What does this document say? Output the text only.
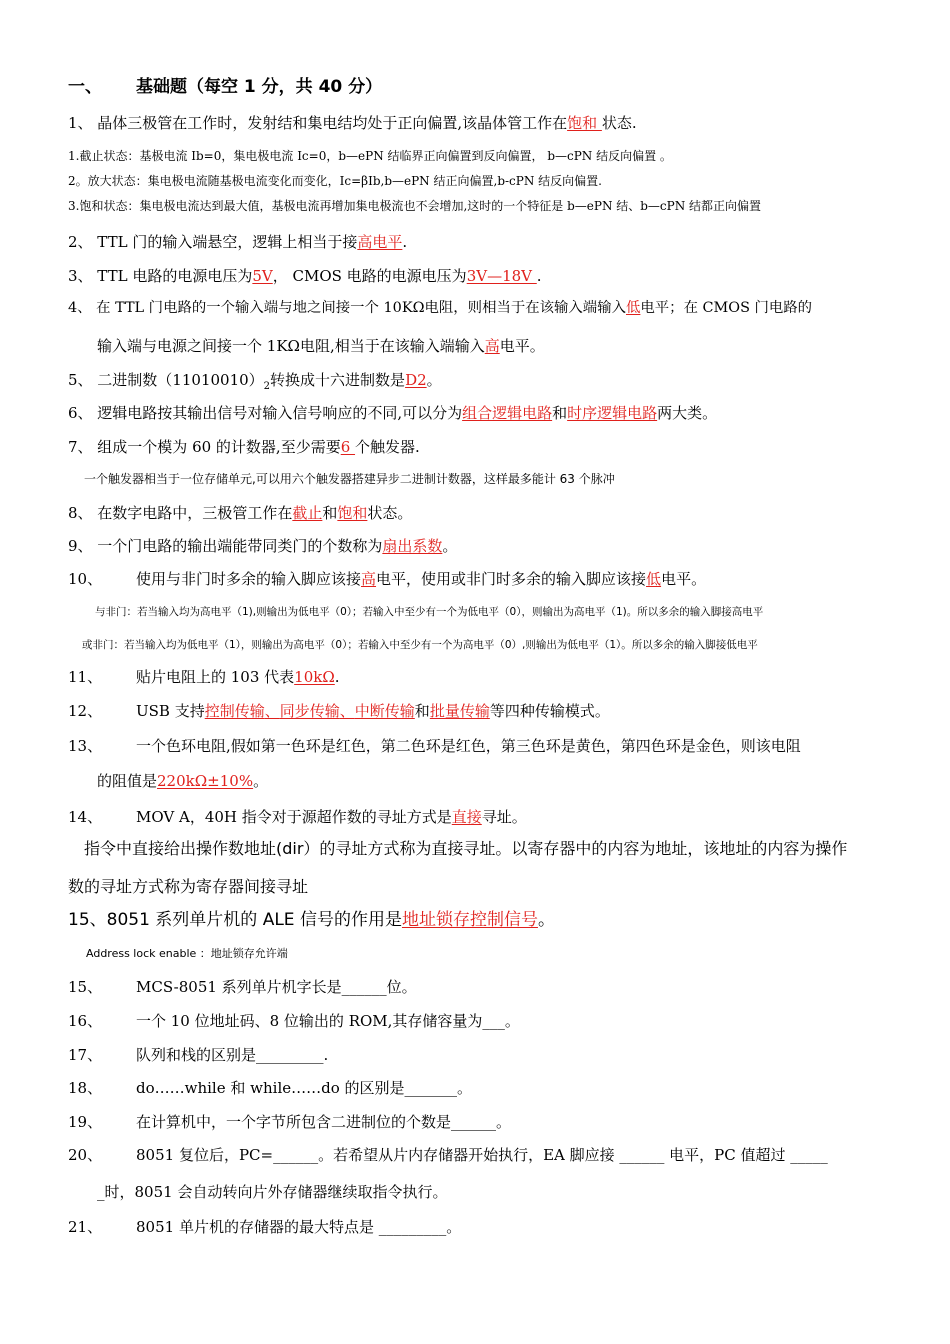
一、 基础题（每空 1 分，共 40 分）
1、 晶体三极管在工作时，发射结和集电结均处于正向偏置,该晶体管工作在饱和 状态.
1.截止状态：基极电流 Ib=0，集电极电流 Ic=0，b—ePN 结临界正向偏置到反向偏置， b—cPN 结反向偏置 。
2。放大状态：集电极电流随基极电流变化而变化，Ic=βIb,b—ePN 结正向偏置,b-cPN 结反向偏置.
3.饱和状态：集电极电流达到最大值，基极电流再增加集电极流也不会增加,这时的一个特征是 b—ePN 结、b—cPN 结都正向偏置
2、 TTL 门的输入端悬空，逻辑上相当于接高电平.
3、 TTL 电路的电源电压为5V， CMOS 电路的电源电压为3V—18V .
4、 在 TTL 门电路的一个输入端与地之间接一个 10KΩ电阻，则相当于在该输入端输入低电平；在 CMOS 门电路的
输入端与电源之间接一个 1KΩ电阻,相当于在该输入端输入高电平。
5、 二进制数$(11010010)_2$转换成十六进制数是D2。
6、 逻辑电路按其输出信号对输入信号响应的不同,可以分为组合逻辑电路和时序逻辑电路两大类。
7、 组成一个模为 60 的计数器,至少需要6 个触发器.
一个触发器相当于一位存储单元,可以用六个触发器搭建异步二进制计数器，这样最多能计 63 个脉冲
8、 在数字电路中，三极管工作在截止和饱和状态。
9、 一个门电路的输出端能带同类门的个数称为扇出系数。
10、 使用与非门时多余的输入脚应该接高电平，使用或非门时多余的输入脚应该接低电平。
与非门：若当输入均为高电平（1),则输出为低电平（0）；若输入中至少有一个为低电平（0），则输出为高电平（1)。所以多余的输入脚接高电平
或非门：若当输入均为低电平（1），则输出为高电平（0）；若输入中至少有一个为高电平（0）,则输出为低电平（1）。所以多余的输入脚接低电平
11、 贴片电阻上的 103 代表10kΩ.
12、 USB 支持控制传输、同步传输、中断传输和批量传输等四种传输模式。
13、 一个色环电阻,假如第一色环是红色，第二色环是红色，第三色环是黄色，第四色环是金色，则该电阻
的阻值是220kΩ±10%。
14、 MOV A，40H 指令对于源超作数的寻址方式是直接寻址。
指令中直接给出操作数地址(dir）的寻址方式称为直接寻址。以寄存器中的内容为地址，该地址的内容为操作
数的寻址方式称为寄存器间接寻址
15、8051 系列单片机的 ALE 信号的作用是地址锁存控制信号。
Address lock enable ：地址锁存允许端
15、 MCS-8051 系列单片机字长是______位。
16、 一个 10 位地址码、8 位输出的 ROM,其存储容量为___。
17、 队列和栈的区别是_________.
18、 do……while 和 while……do 的区别是_______。
19、 在计算机中，一个字节所包含二进制位的个数是______。
20、 8051 复位后，PC=______。若希望从片内存储器开始执行，EA 脚应接 ______ 电平，PC 值超过 _____
_时，8051 会自动转向片外存储器继续取指令执行。
21、 8051 单片机的存储器的最大特点是 _________。
